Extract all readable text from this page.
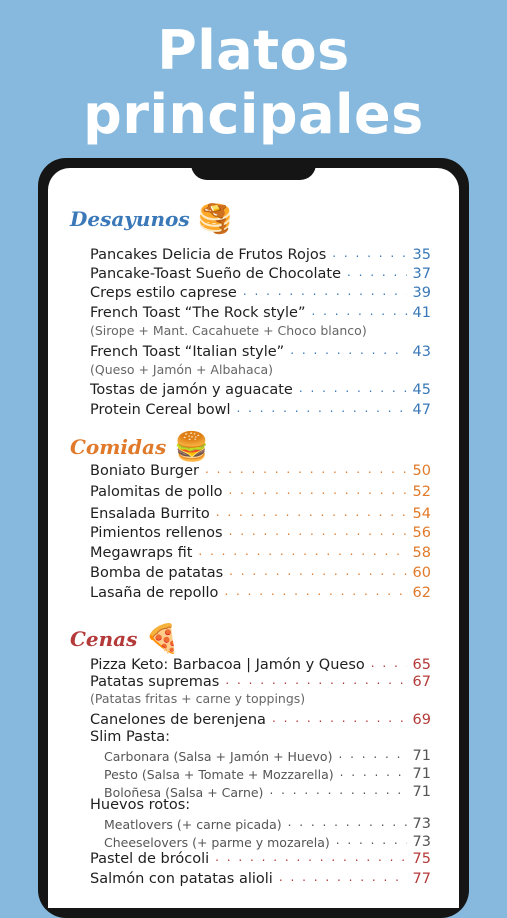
Platos
principales
Desayunos 🥞
Pancakes Delicia de Frutos Rojos . . .	35
Pancake-Toast Sueño de Chocolate . . .	37
Creps estilo caprese . . .	39
French Toast “The Rock style” . . .	41
(Sirope + Mant. Cacahuete + Choco blanco)
French Toast “Italian style” . . .	43
(Queso + Jamón + Albahaca)
Tostas de jamón y aguacate . . .	45
Protein Cereal bowl . . .	47
Comidas 🍔
Boniato Burger . . .	50
Palomitas de pollo . . .	52
Ensalada Burrito . . .	54
Pimientos rellenos . . .	56
Megawraps fit . . .	58
Bomba de patatas . . .	60
Lasaña de repollo . . .	62
Cenas 🍕
Pizza Keto: Barbacoa | Jamón y Queso . . .	65
Patatas supremas . . .	67
(Patatas fritas + carne y toppings)
Canelones de berenjena . . .	69
Slim Pasta:
Carbonara (Salsa + Jamón + Huevo) . . .	71
Pesto (Salsa + Tomate + Mozzarella) . . .	71
Boloñesa (Salsa + Carne) . . .	71
Huevos rotos:
Meatlovers (+ carne picada) . . .	73
Cheeselovers (+ parme y mozarela) . . .	73
Pastel de brócoli . . .	75
Salmón con patatas alioli . . .	77
